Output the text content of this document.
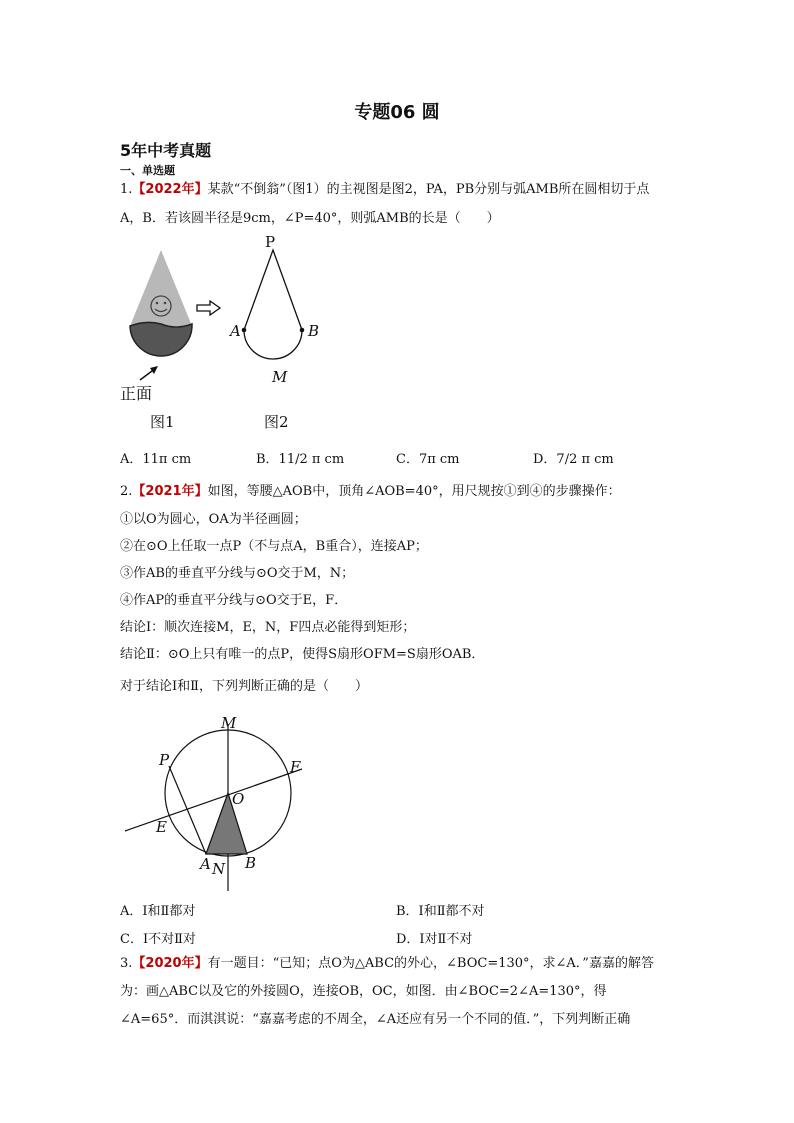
专题06 圆
5年中考真题
一、单选题
1.【2022年】某款“不倒翁”（图1）的主视图是图2，PA，PB分别与弧AMB所在圆相切于点
A，B．若该圆半径是9cm，∠P=40°，则弧AMB的长是（　　）
正面
P
A	B
M
图1	图2
A．11π cm	B．11/2 π cm	C．7π cm	D．7/2 π cm
2.【2021年】如图，等腰△AOB中，顶角∠AOB=40°，用尺规按①到④的步骤操作：
①以O为圆心，OA为半径画圆；
②在⊙O上任取一点P（不与点A，B重合），连接AP；
③作AB的垂直平分线与⊙O交于M，N；
④作AP的垂直平分线与⊙O交于E，F．
结论Ⅰ：顺次连接M，E，N，F四点必能得到矩形；
结论Ⅱ：⊙O上只有唯一的点P，使得S扇形OFM=S扇形OAB．
对于结论Ⅰ和Ⅱ，下列判断正确的是（　　）
M
P	F
O
E
A N B
A．Ⅰ和Ⅱ都对	B．Ⅰ和Ⅱ都不对
C．Ⅰ不对Ⅱ对	D．Ⅰ对Ⅱ不对
3.【2020年】有一题目：“已知；点O为△ABC的外心，∠BOC=130°，求∠A．”嘉嘉的解答
为：画△ABC以及它的外接圆O，连接OB，OC，如图．由∠BOC=2∠A=130°，得
∠A=65°．而淇淇说：“嘉嘉考虑的不周全，∠A还应有另一个不同的值．”，下列判断正确
